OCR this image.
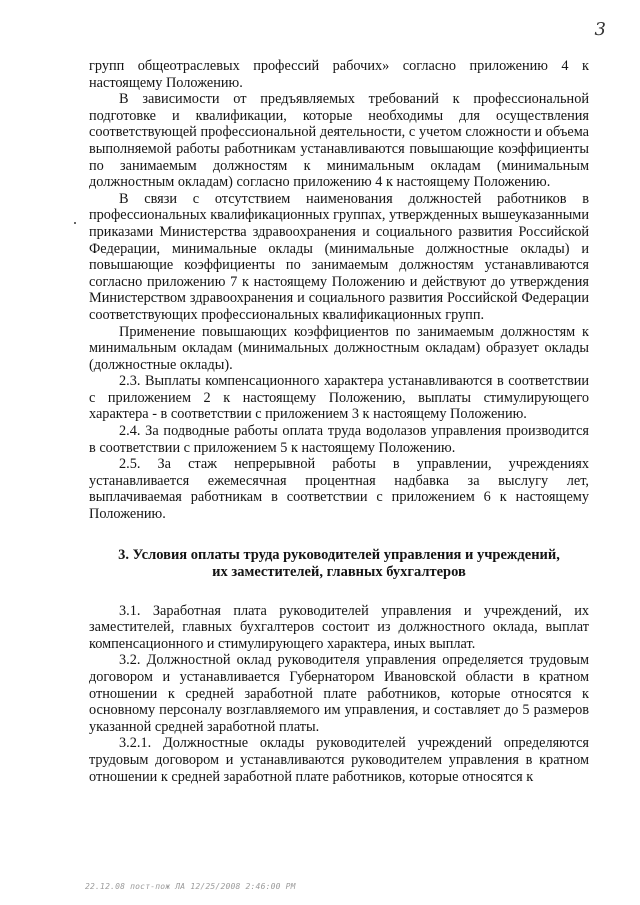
3

групп общеотраслевых профессий рабочих» согласно приложению 4 к настоящему Положению.

В зависимости от предъявляемых требований к профессиональной подготовке и квалификации, которые необходимы для осуществления соответствующей профессиональной деятельности, с учетом сложности и объема выполняемой работы работникам устанавливаются повышающие коэффициенты по занимаемым должностям к минимальным окладам (минимальным должностным окладам) согласно приложению 4 к настоящему Положению.

В связи с отсутствием наименования должностей работников в профессиональных квалификационных группах, утвержденных вышеуказанными приказами Министерства здравоохранения и социального развития Российской Федерации, минимальные оклады (минимальные должностные оклады) и повышающие коэффициенты по занимаемым должностям устанавливаются согласно приложению 7 к настоящему Положению и действуют до утверждения Министерством здравоохранения и социального развития Российской Федерации соответствующих профессиональных квалификационных групп.

Применение повышающих коэффициентов по занимаемым должностям к минимальным окладам (минимальных должностным окладам) образует оклады (должностные оклады).

2.3. Выплаты компенсационного характера устанавливаются в соответствии с приложением 2 к настоящему Положению, выплаты стимулирующего характера - в соответствии с приложением 3 к настоящему Положению.

2.4. За подводные работы оплата труда водолазов управления производится в соответствии с приложением 5 к настоящему Положению.

2.5. За стаж непрерывной работы в управлении, учреждениях устанавливается ежемесячная процентная надбавка за выслугу лет, выплачиваемая работникам в соответствии с приложением 6 к настоящему Положению.

3. Условия оплаты труда руководителей управления и учреждений,
их заместителей, главных бухгалтеров

3.1. Заработная плата руководителей управления и учреждений, их заместителей, главных бухгалтеров состоит из должностного оклада, выплат компенсационного и стимулирующего характера, иных выплат.

3.2. Должностной оклад руководителя управления определяется трудовым договором и устанавливается Губернатором Ивановской области в кратном отношении к средней заработной плате работников, которые относятся к основному персоналу возглавляемого им управления, и составляет до 5 размеров указанной средней заработной платы.

3.2.1. Должностные оклады руководителей учреждений определяются трудовым договором и устанавливаются руководителем управления в кратном отношении к средней заработной плате работников, которые относятся к

22.12.08 пост-пож ЛА 12/25/2008 2:46:00 PM
